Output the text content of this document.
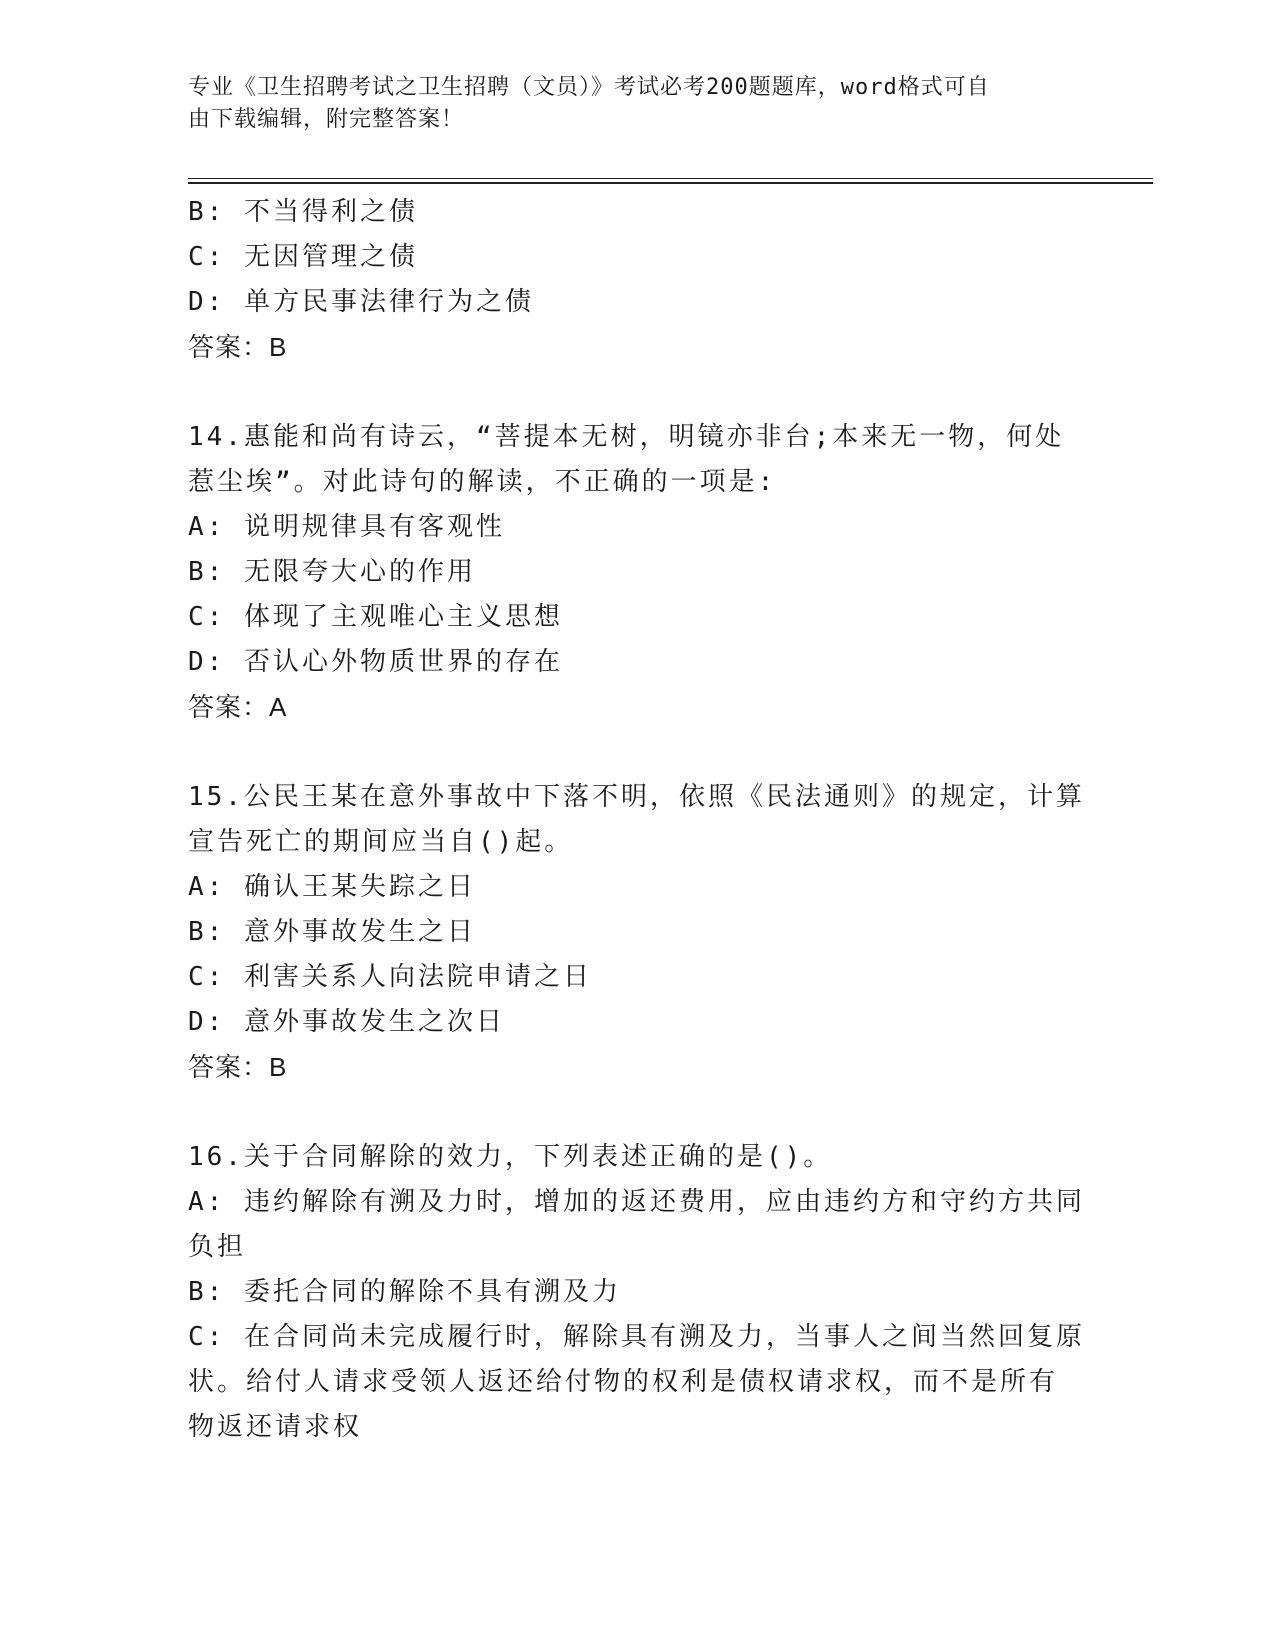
专业《卫生招聘考试之卫生招聘（文员）》考试必考200题题库，word格式可自
由下载编辑，附完整答案！
B: 不当得利之债
C: 无因管理之债
D: 单方民事法律行为之债
答案：B
14.惠能和尚有诗云，“菩提本无树，明镜亦非台;本来无一物，何处
惹尘埃”。对此诗句的解读，不正确的一项是:
A: 说明规律具有客观性
B: 无限夸大心的作用
C: 体现了主观唯心主义思想
D: 否认心外物质世界的存在
答案：A
15.公民王某在意外事故中下落不明，依照《民法通则》的规定，计算
宣告死亡的期间应当自()起。
A: 确认王某失踪之日
B: 意外事故发生之日
C: 利害关系人向法院申请之日
D: 意外事故发生之次日
答案：B
16.关于合同解除的效力，下列表述正确的是()。
A: 违约解除有溯及力时，增加的返还费用，应由违约方和守约方共同
负担
B: 委托合同的解除不具有溯及力
C: 在合同尚未完成履行时，解除具有溯及力，当事人之间当然回复原
状。给付人请求受领人返还给付物的权利是债权请求权，而不是所有
物返还请求权
